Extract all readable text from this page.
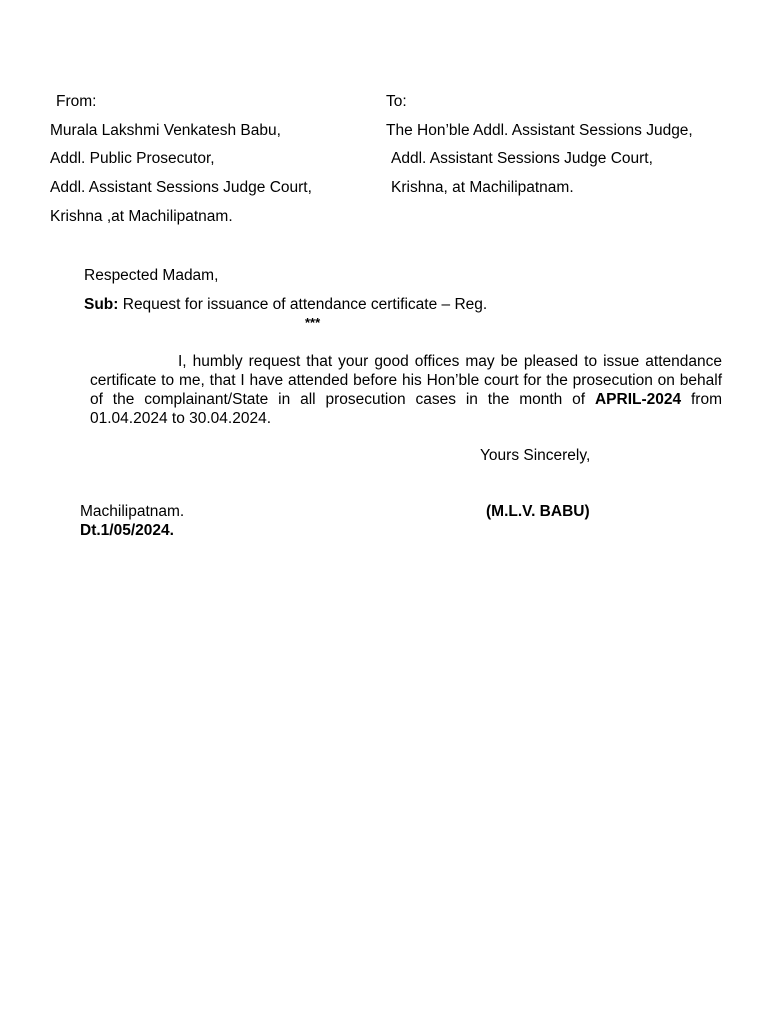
From:
Murala Lakshmi Venkatesh Babu,
Addl. Public Prosecutor,
Addl. Assistant Sessions Judge Court,
Krishna ,at Machilipatnam.
To:
The Hon’ble Addl. Assistant Sessions Judge,
Addl. Assistant Sessions Judge Court,
Krishna, at Machilipatnam.
Respected Madam,
Sub: Request for issuance of attendance certificate – Reg.
***
I, humbly request that your good offices may be pleased to issue attendance certificate to me, that I have attended before his Hon’ble court for the prosecution on behalf of the complainant/State in all prosecution cases in the month of APRIL-2024 from 01.04.2024 to 30.04.2024.
Yours Sincerely,
Machilipatnam.
Dt.1/05/2024.
(M.L.V. BABU)
